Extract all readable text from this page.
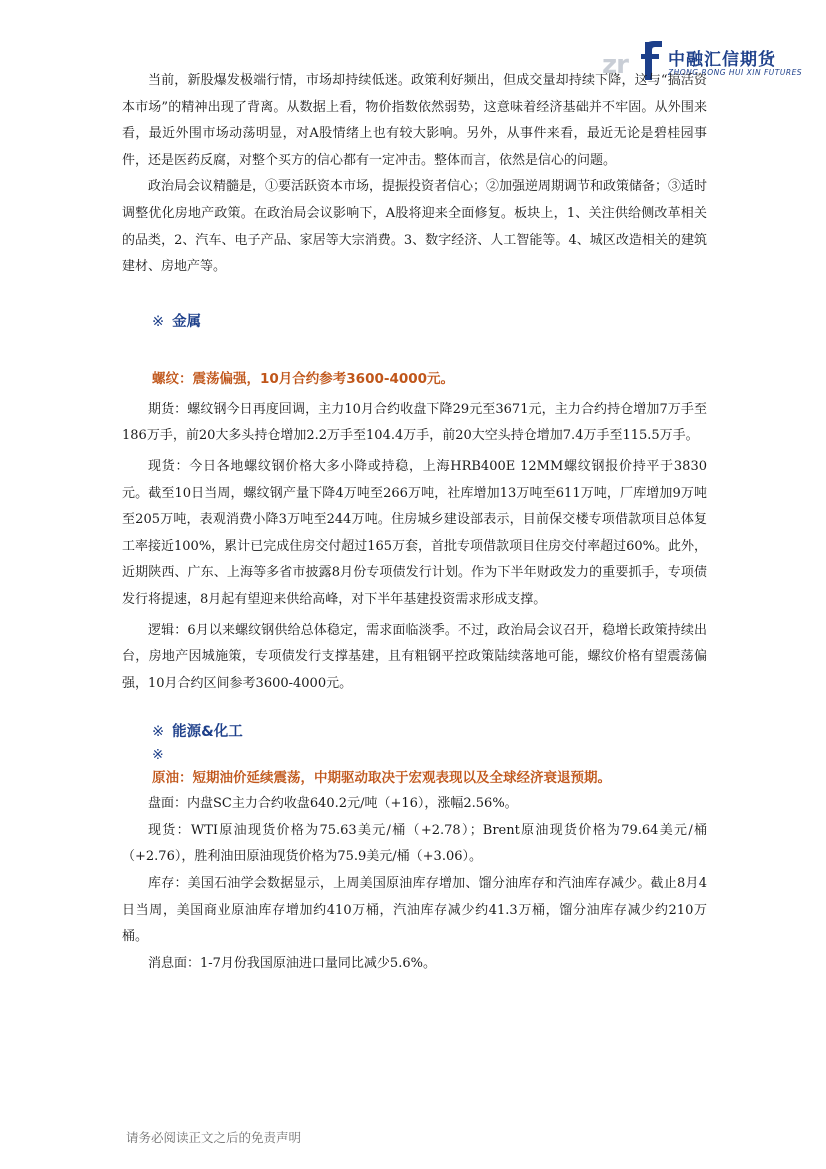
zr 中融汇信期货
ZHONG RONG HUI XIN FUTURES

当前，新股爆发极端行情，市场却持续低迷。政策利好频出，但成交量却持续下降，这与“搞活资本市场”的精神出现了背离。从数据上看，物价指数依然弱势，这意味着经济基础并不牢固。从外围来看，最近外围市场动荡明显，对A股情绪上也有较大影响。另外，从事件来看，最近无论是碧桂园事件，还是医药反腐，对整个买方的信心都有一定冲击。整体而言，依然是信心的问题。

政治局会议精髓是，①要活跃资本市场，提振投资者信心；②加强逆周期调节和政策储备；③适时调整优化房地产政策。在政治局会议影响下，A股将迎来全面修复。板块上，1、关注供给侧改革相关的品类，2、汽车、电子产品、家居等大宗消费。3、数字经济、人工智能等。4、城区改造相关的建筑建材、房地产等。

※ 金属

螺纹：震荡偏强，10月合约参考3600-4000元。

期货：螺纹钢今日再度回调，主力10月合约收盘下降29元至3671元，主力合约持仓增加7万手至186万手，前20大多头持仓增加2.2万手至104.4万手，前20大空头持仓增加7.4万手至115.5万手。

现货：今日各地螺纹钢价格大多小降或持稳，上海HRB400E 12MM螺纹钢报价持平于3830元。截至10日当周，螺纹钢产量下降4万吨至266万吨，社库增加13万吨至611万吨，厂库增加9万吨至205万吨，表观消费小降3万吨至244万吨。住房城乡建设部表示，目前保交楼专项借款项目总体复工率接近100%，累计已完成住房交付超过165万套，首批专项借款项目住房交付率超过60%。此外，近期陕西、广东、上海等多省市披露8月份专项债发行计划。作为下半年财政发力的重要抓手，专项债发行将提速，8月起有望迎来供给高峰，对下半年基建投资需求形成支撑。

逻辑：6月以来螺纹钢供给总体稳定，需求面临淡季。不过，政治局会议召开，稳增长政策持续出台，房地产因城施策，专项债发行支撑基建，且有粗钢平控政策陆续落地可能，螺纹价格有望震荡偏强，10月合约区间参考3600-4000元。

※ 能源&化工

※

原油：短期油价延续震荡，中期驱动取决于宏观表现以及全球经济衰退预期。

盘面：内盘SC主力合约收盘640.2元/吨（+16），涨幅2.56%。

现货：WTI原油现货价格为75.63美元/桶（+2.78）；Brent原油现货价格为79.64美元/桶（+2.76），胜利油田原油现货价格为75.9美元/桶（+3.06）。

库存：美国石油学会数据显示，上周美国原油库存增加、馏分油库存和汽油库存减少。截止8月4日当周，美国商业原油库存增加约410万桶，汽油库存减少约41.3万桶，馏分油库存减少约210万桶。

消息面：1-7月份我国原油进口量同比减少5.6%。

请务必阅读正文之后的免责声明
